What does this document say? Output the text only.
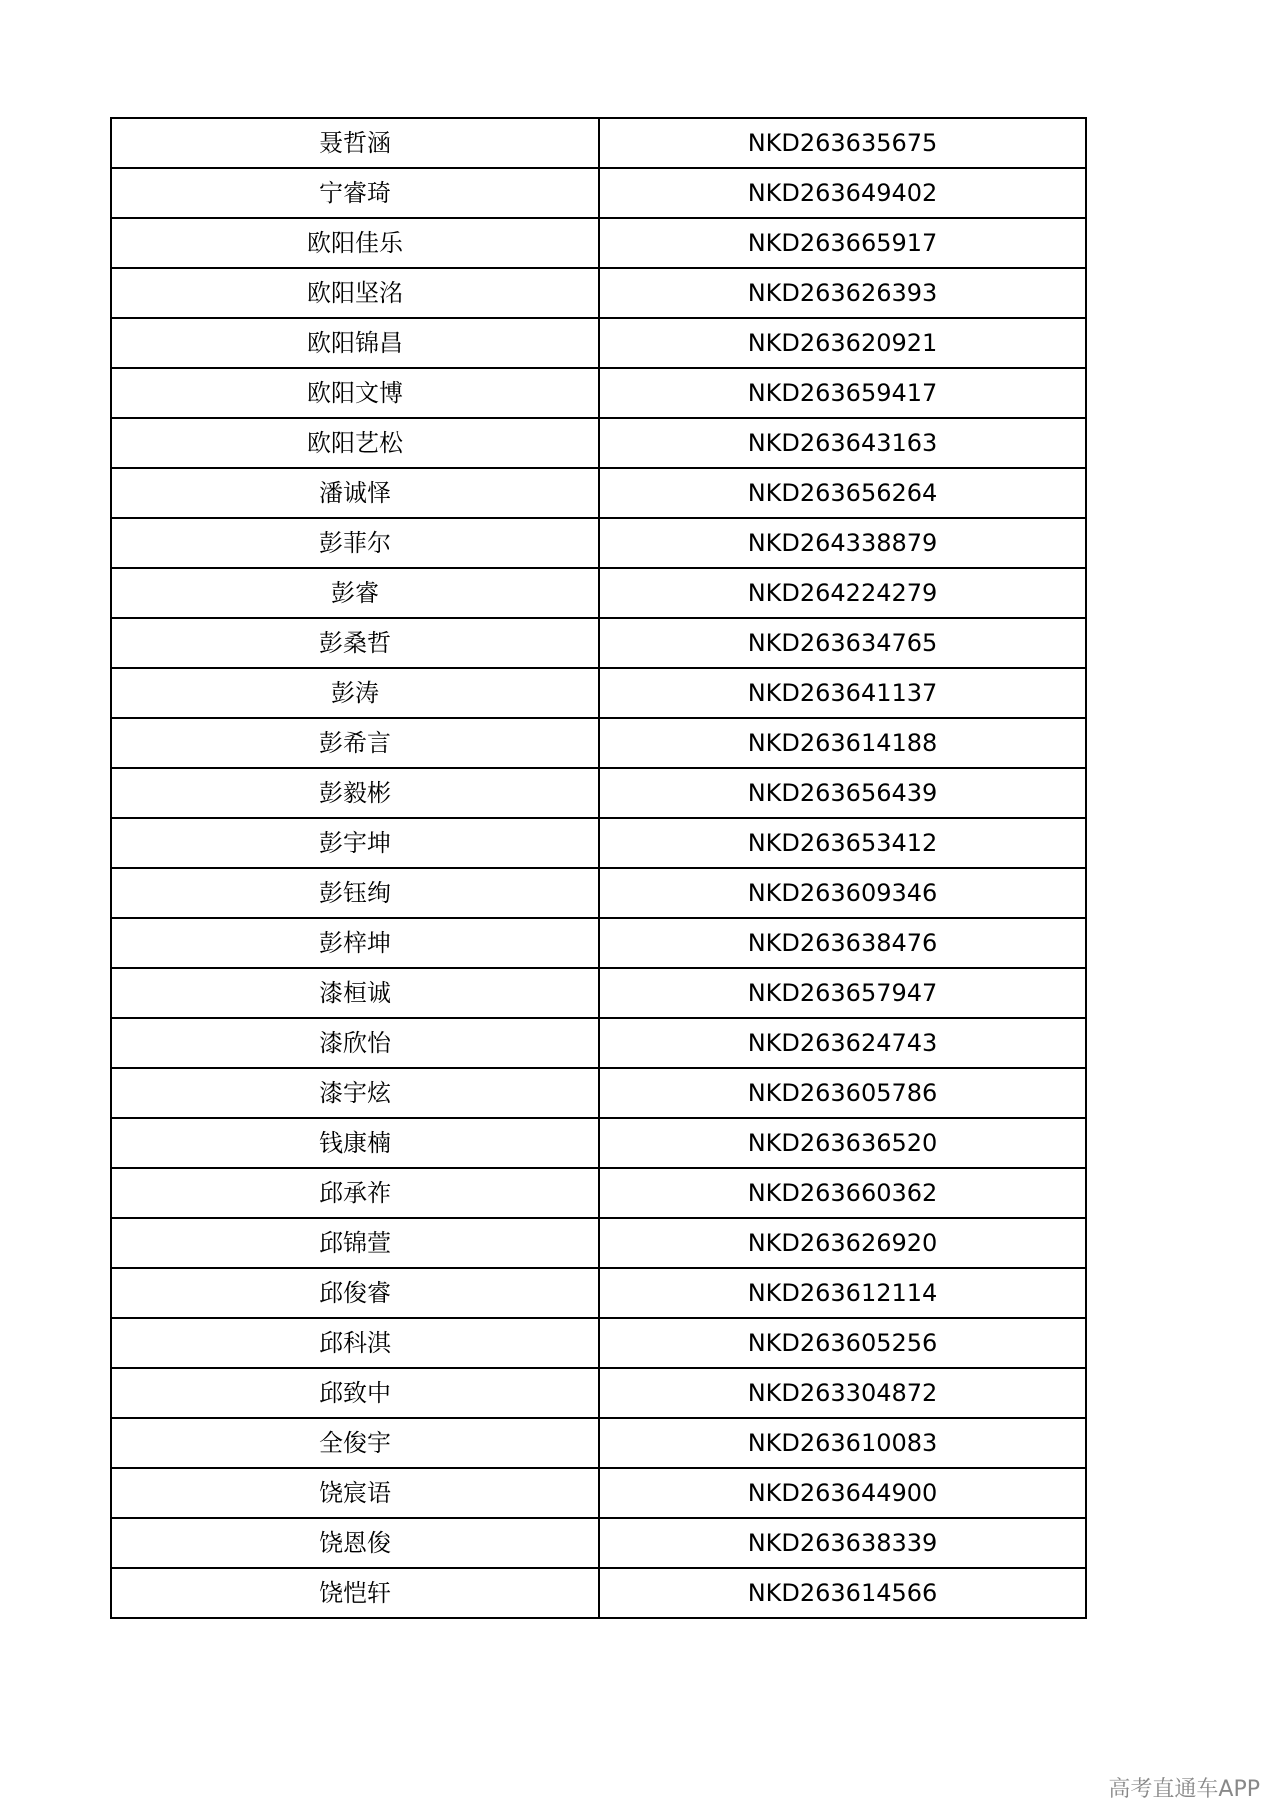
聂哲涵	NKD263635675
宁睿琦	NKD263649402
欧阳佳乐	NKD263665917
欧阳坚洺	NKD263626393
欧阳锦昌	NKD263620921
欧阳文博	NKD263659417
欧阳艺松	NKD263643163
潘诚怿	NKD263656264
彭菲尔	NKD264338879
彭睿	NKD264224279
彭桑哲	NKD263634765
彭涛	NKD263641137
彭希言	NKD263614188
彭毅彬	NKD263656439
彭宇坤	NKD263653412
彭钰绚	NKD263609346
彭梓坤	NKD263638476
漆桓诚	NKD263657947
漆欣怡	NKD263624743
漆宇炫	NKD263605786
钱康楠	NKD263636520
邱承祚	NKD263660362
邱锦萱	NKD263626920
邱俊睿	NKD263612114
邱科淇	NKD263605256
邱致中	NKD263304872
全俊宇	NKD263610083
饶宸语	NKD263644900
饶恩俊	NKD263638339
饶恺轩	NKD263614566
高考直通车APP
